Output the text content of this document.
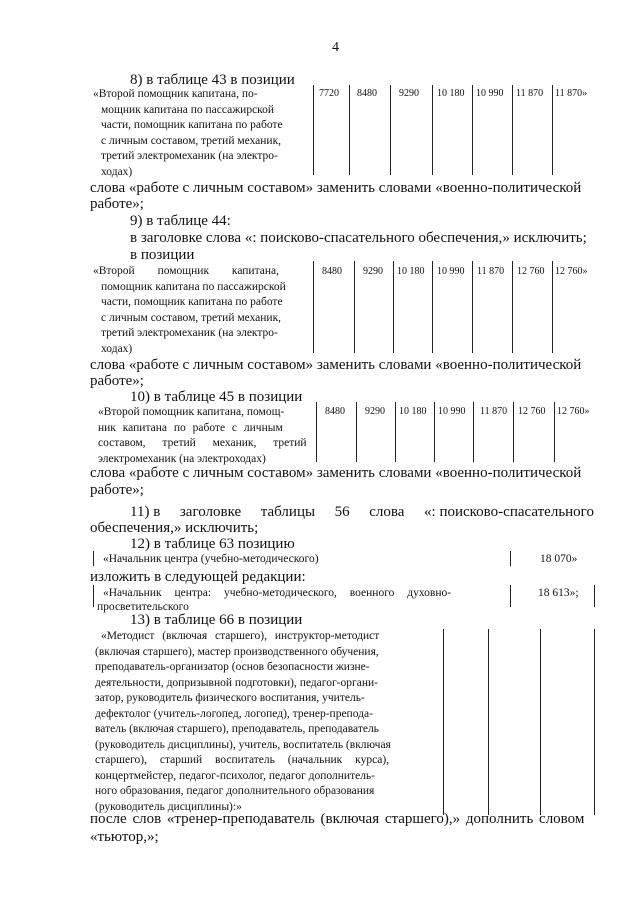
4
8) в таблице 43 в позиции
«Второй помощник капитана, по-
мощник капитана по пассажирской
части, помощник капитана по работе
с личным составом, третий механик,
третий электромеханик (на электро-
ходах)
7720 8480 9290 10 180 10 990 11 870 11 870»
слова «работе с личным составом» заменить словами «военно-политической
работе»;
9) в таблице 44:
в заголовке слова «: поисково-спасательного обеспечения,» исключить;
в позиции
«Второй помощник капитана,
помощник капитана по пассажирской
части, помощник капитана по работе
с личным составом, третий механик,
третий электромеханик (на электро-
ходах)
8480 9290 10 180 10 990 11 870 12 760 12 760»
слова «работе с личным составом» заменить словами «военно-политической
работе»;
10) в таблице 45 в позиции
«Второй помощник капитана, помощ-
ник капитана по работе с личным
составом, третий механик, третий
электромеханик (на электроходах)
8480 9290 10 180 10 990 11 870 12 760 12 760»
слова «работе с личным составом» заменить словами «военно-политической
работе»;
11) в заголовке таблицы 56 слова «: поисково-спасательного
обеспечения,» исключить;
12) в таблице 63 позицию
«Начальник центра (учебно-методического)	18 070»
изложить в следующей редакции:
«Начальник центра: учебно-методического, военного духовно-
просветительского
18 613»;
13) в таблице 66 в позиции
«Методист (включая старшего), инструктор-методист
(включая старшего), мастер производственного обучения,
преподаватель-организатор (основ безопасности жизне-
деятельности, допризывной подготовки), педагог-органи-
затор, руководитель физического воспитания, учитель-
дефектолог (учитель-логопед, логопед), тренер-препода-
ватель (включая старшего), преподаватель, преподаватель
(руководитель дисциплины), учитель, воспитатель (включая
старшего), старший воспитатель (начальник курса),
концертмейстер, педагог-психолог, педагог дополнитель-
ного образования, педагог дополнительного образования
(руководитель дисциплины):»
после слов «тренер-преподаватель (включая старшего),» дополнить словом
«тьютор,»;
